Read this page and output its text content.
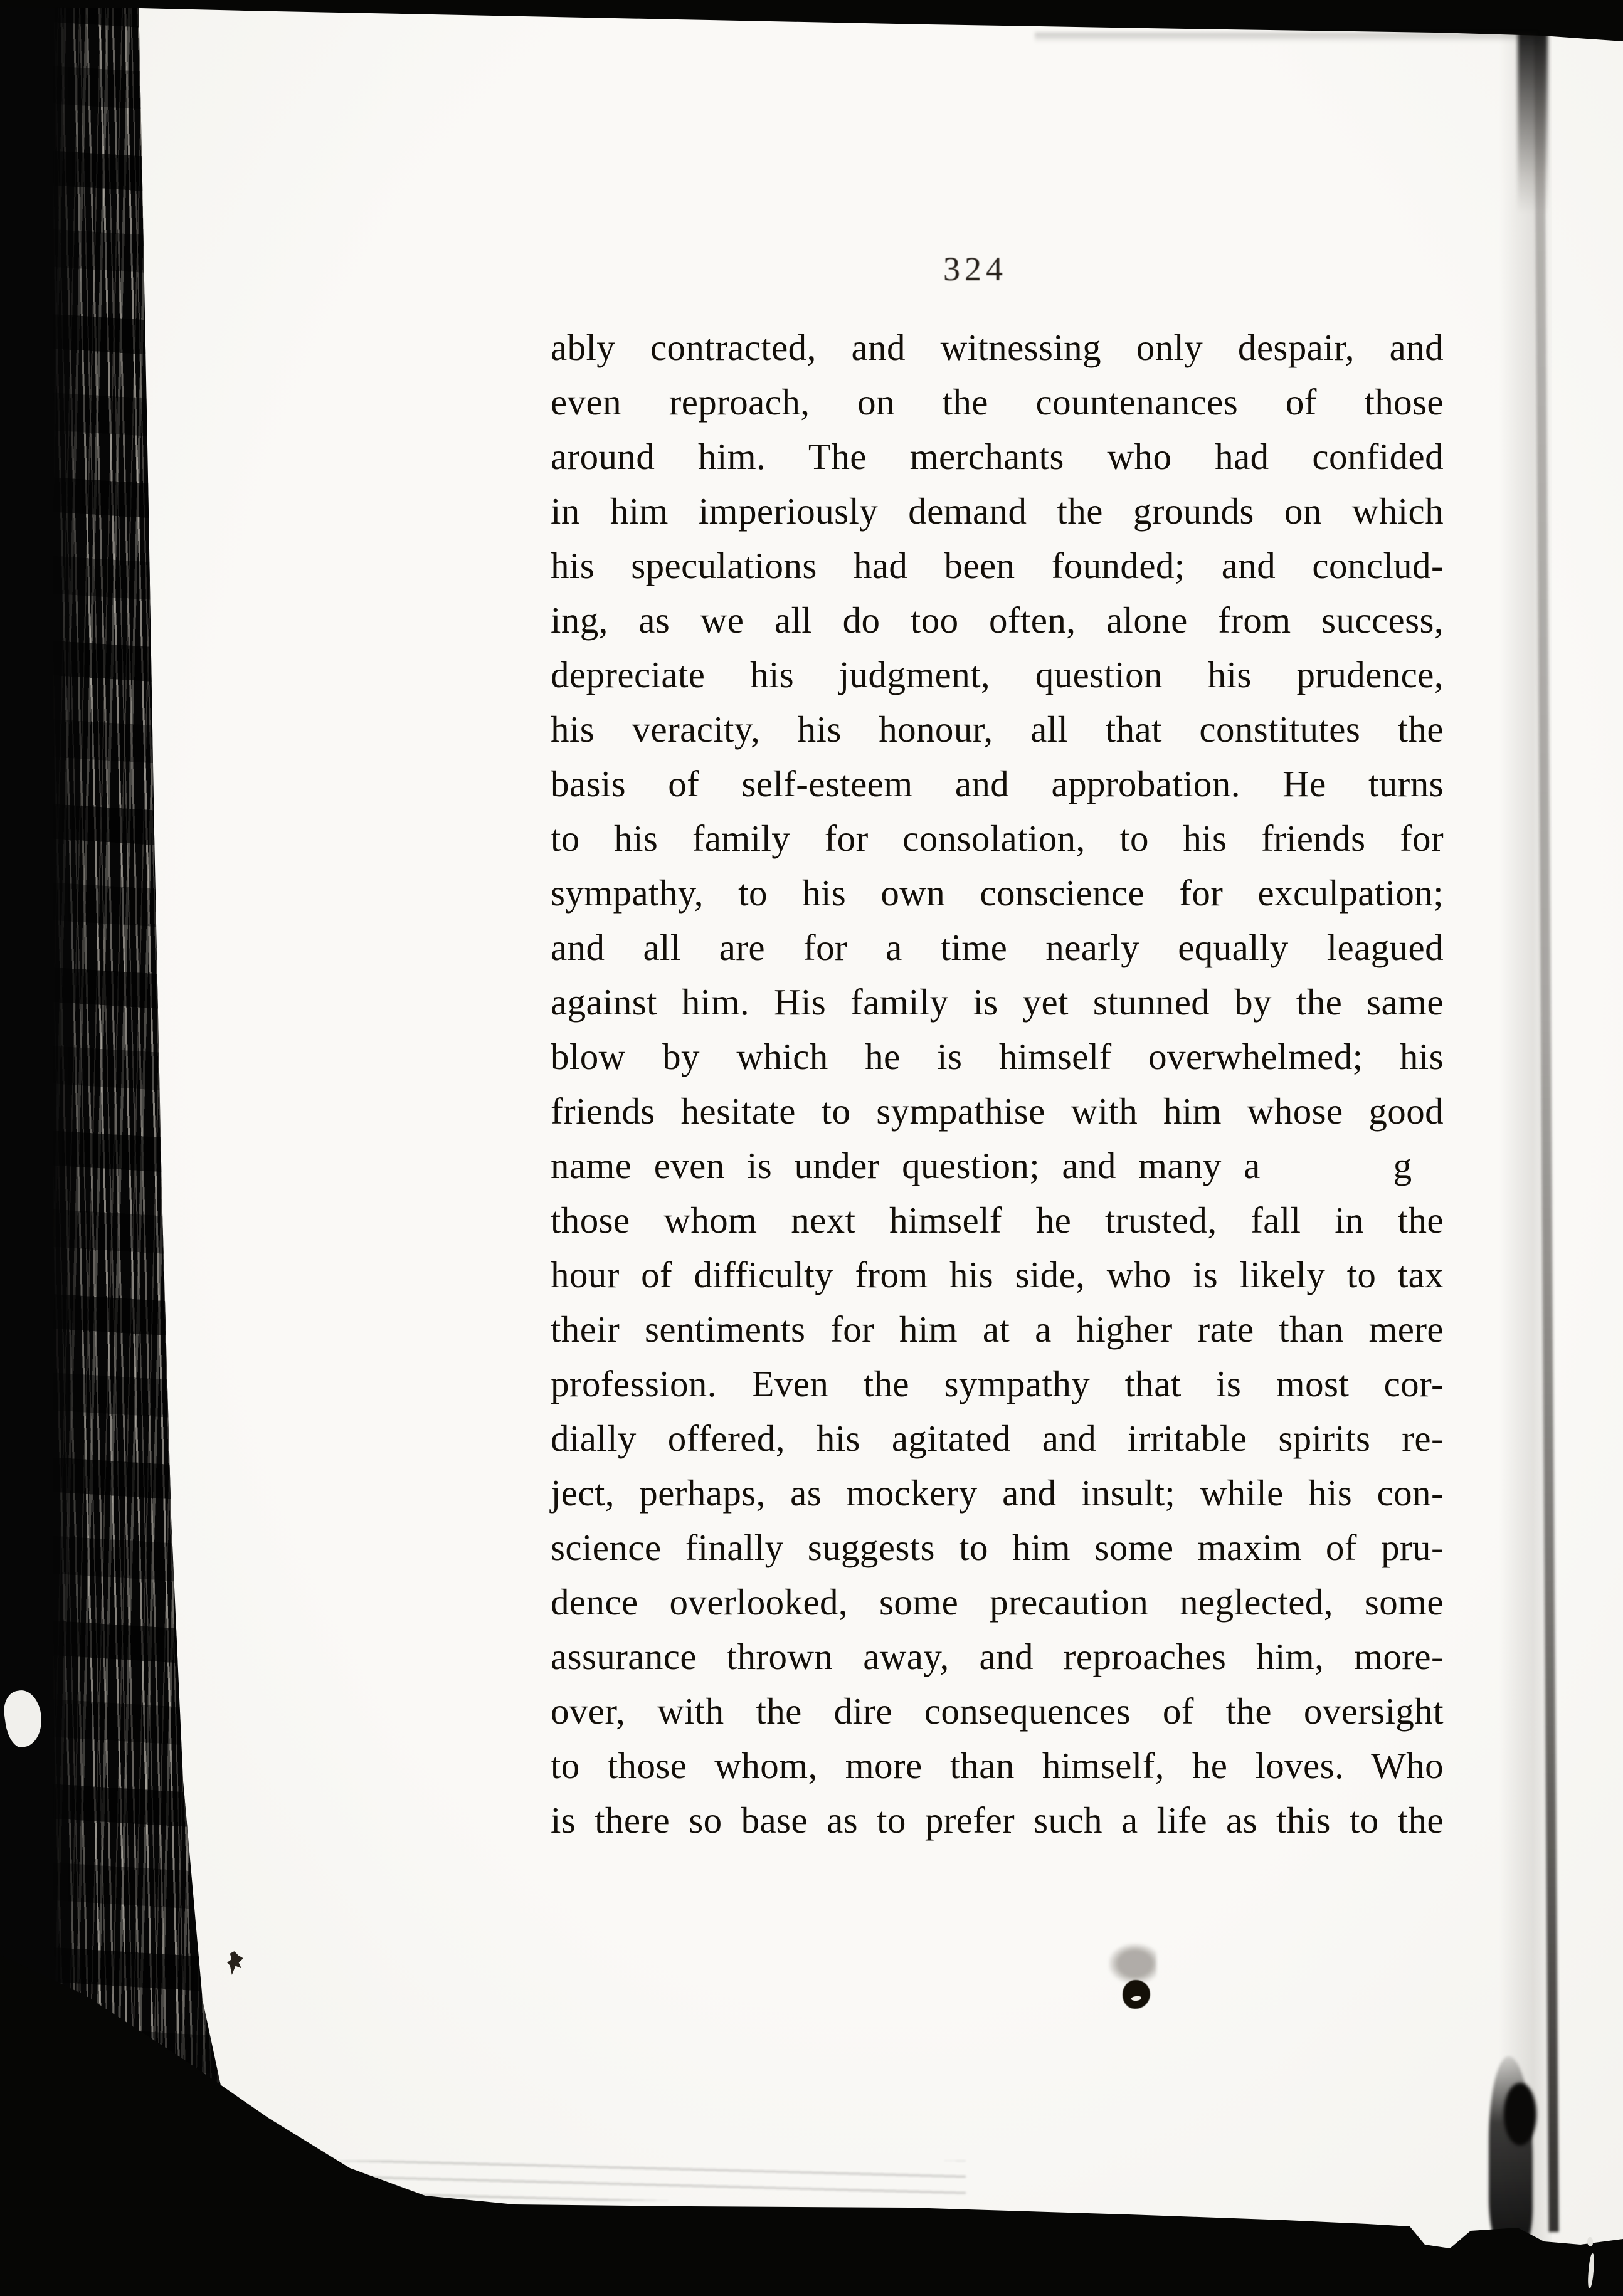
324
ably contracted, and witnessing only despair, and
even reproach, on the countenances of those
around him. The merchants who had confided
in him imperiously demand the grounds on which
his speculations had been founded; and conclud-
ing, as we all do too often, alone from success,
depreciate his judgment, question his prudence,
his veracity, his honour, all that constitutes the
basis of self-esteem and approbation. He turns
to his family for consolation, to his friends for
sympathy, to his own conscience for exculpation;
and all are for a time nearly equally leagued
against him. His family is yet stunned by the same
blow by which he is himself overwhelmed; his
friends hesitate to sympathise with him whose good
name even is under question; and many a      g
those whom next himself he trusted, fall in the
hour of difficulty from his side, who is likely to tax
their sentiments for him at a higher rate than mere
profession. Even the sympathy that is most cor-
dially offered, his agitated and irritable spirits re-
ject, perhaps, as mockery and insult; while his con-
science finally suggests to him some maxim of pru-
dence overlooked, some precaution neglected, some
assurance thrown away, and reproaches him, more-
over, with the dire consequences of the oversight
to those whom, more than himself, he loves. Who
is there so base as to prefer such a life as this to the
